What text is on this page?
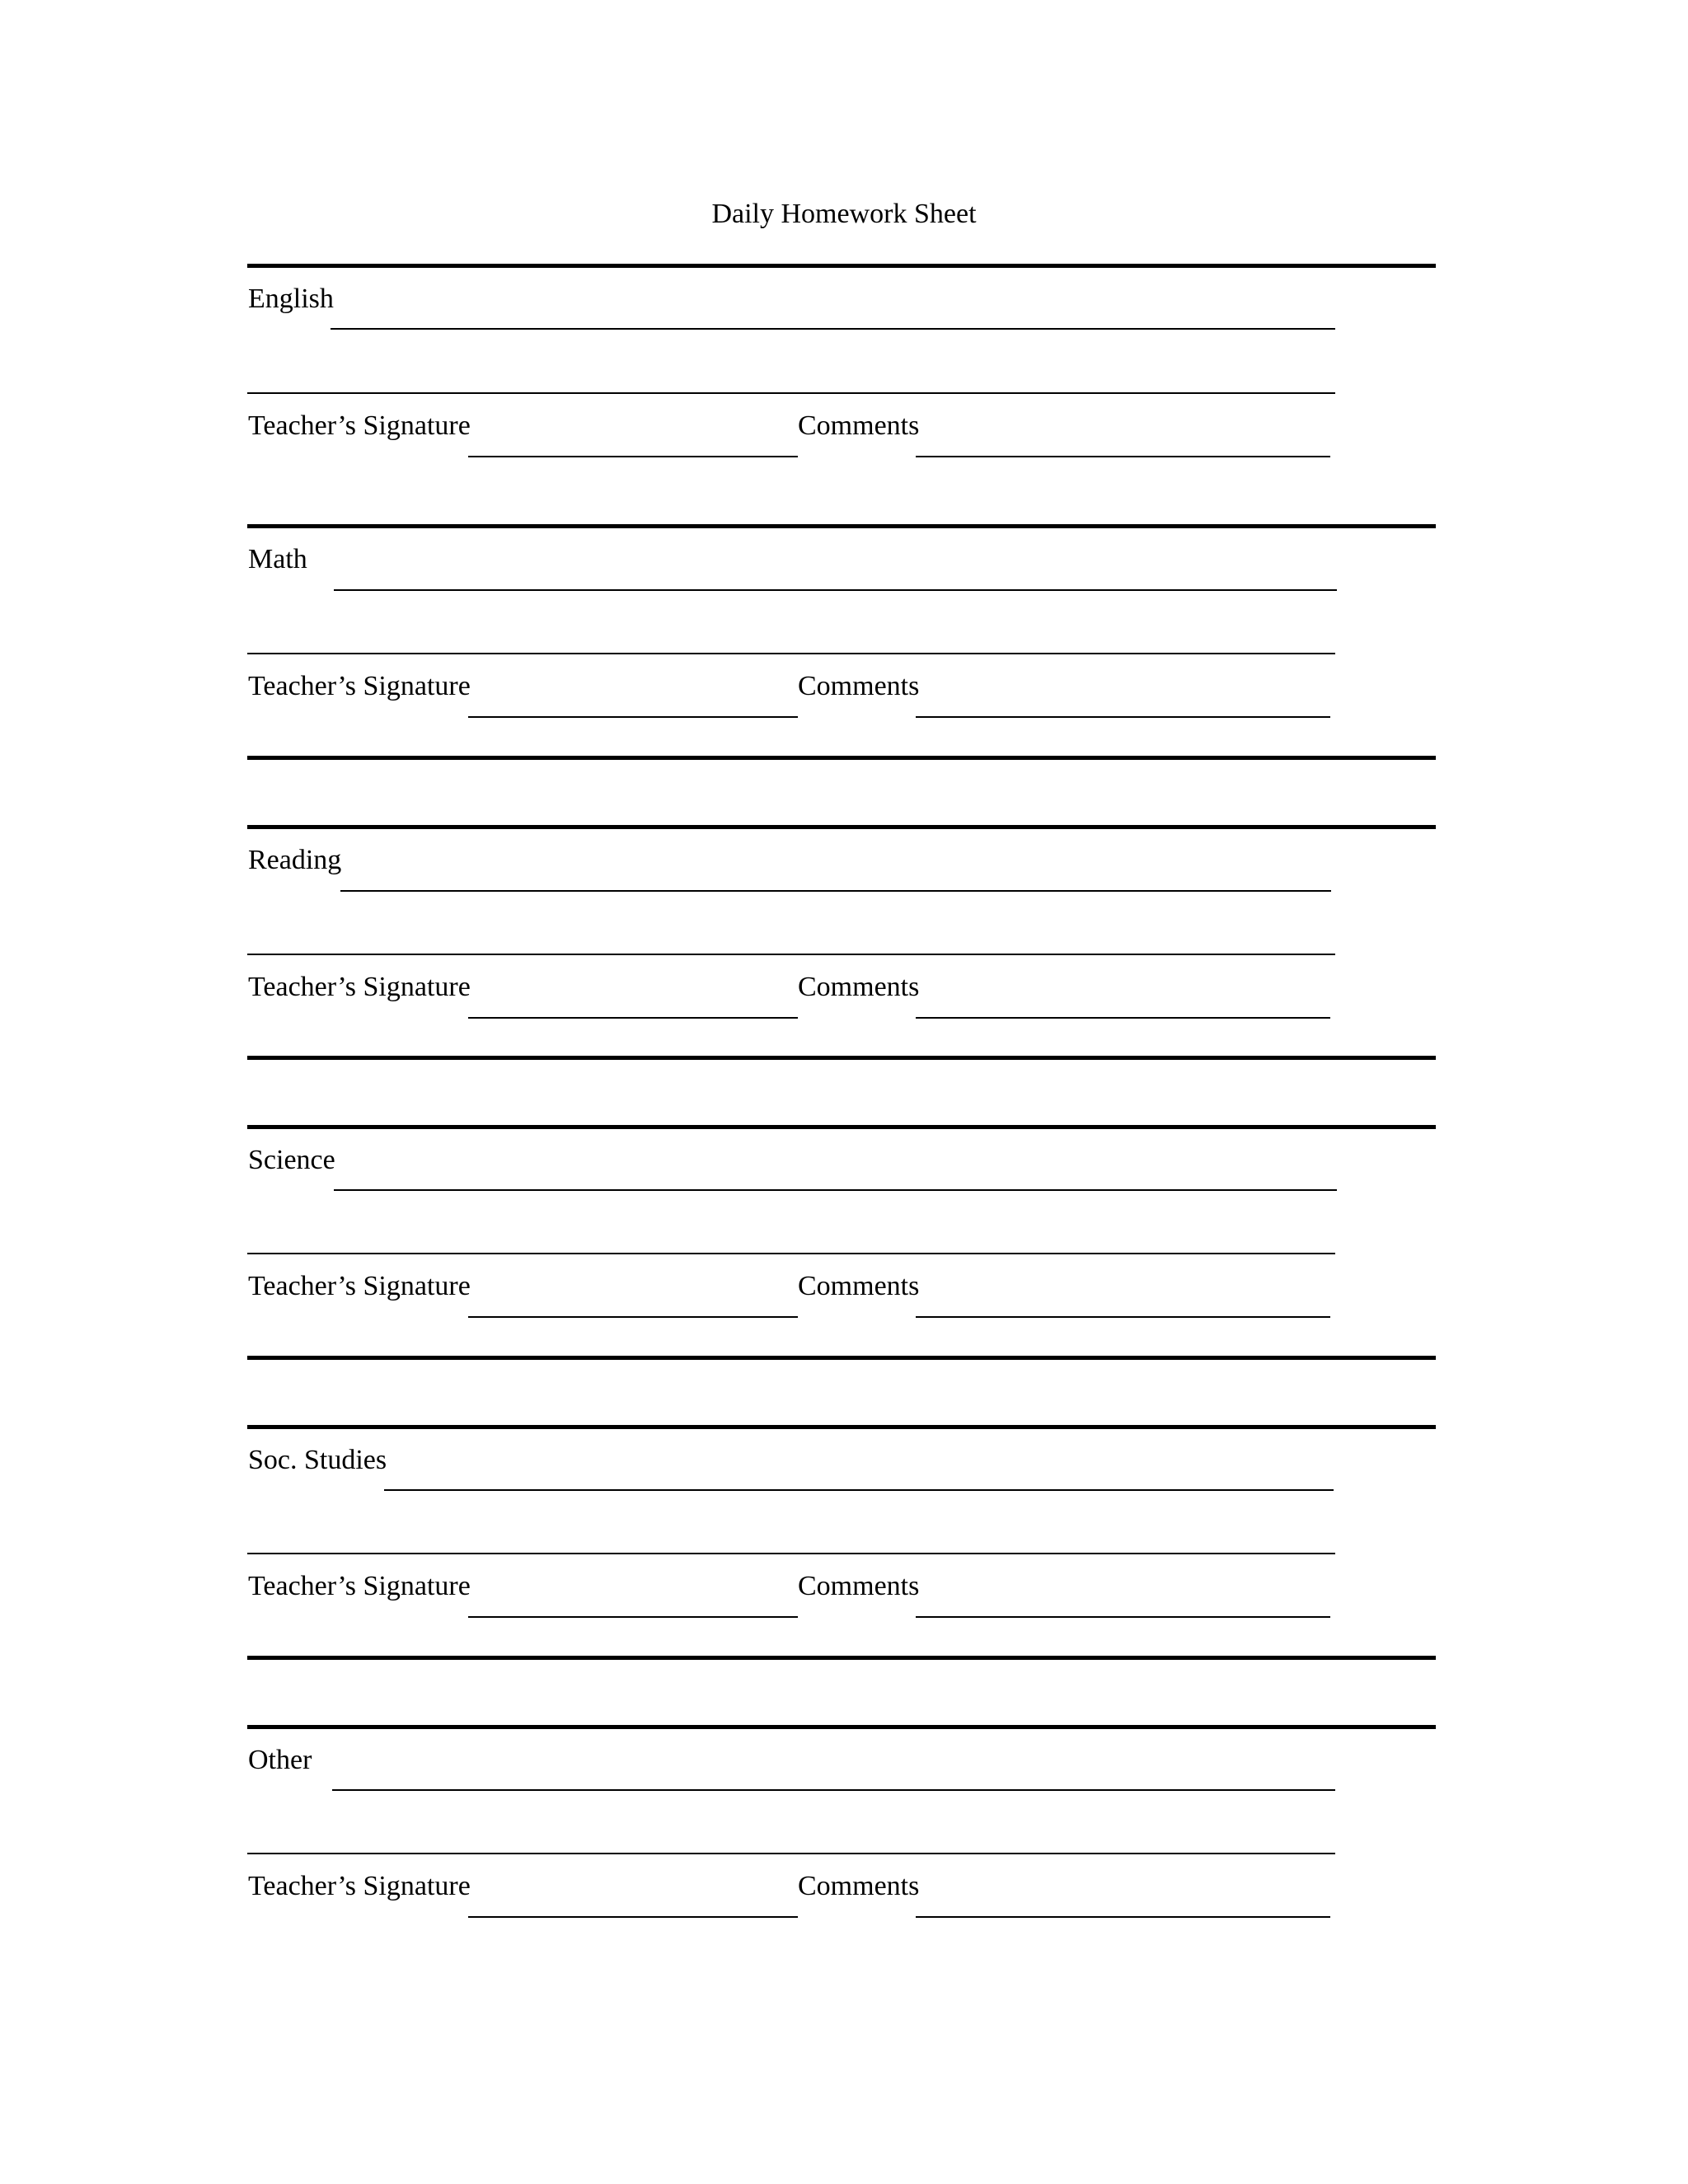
Daily Homework Sheet
English
Teacher’s Signature	Comments
Math
Teacher’s Signature	Comments
Reading
Teacher’s Signature	Comments
Science
Teacher’s Signature	Comments
Soc. Studies
Teacher’s Signature	Comments
Other
Teacher’s Signature	Comments
